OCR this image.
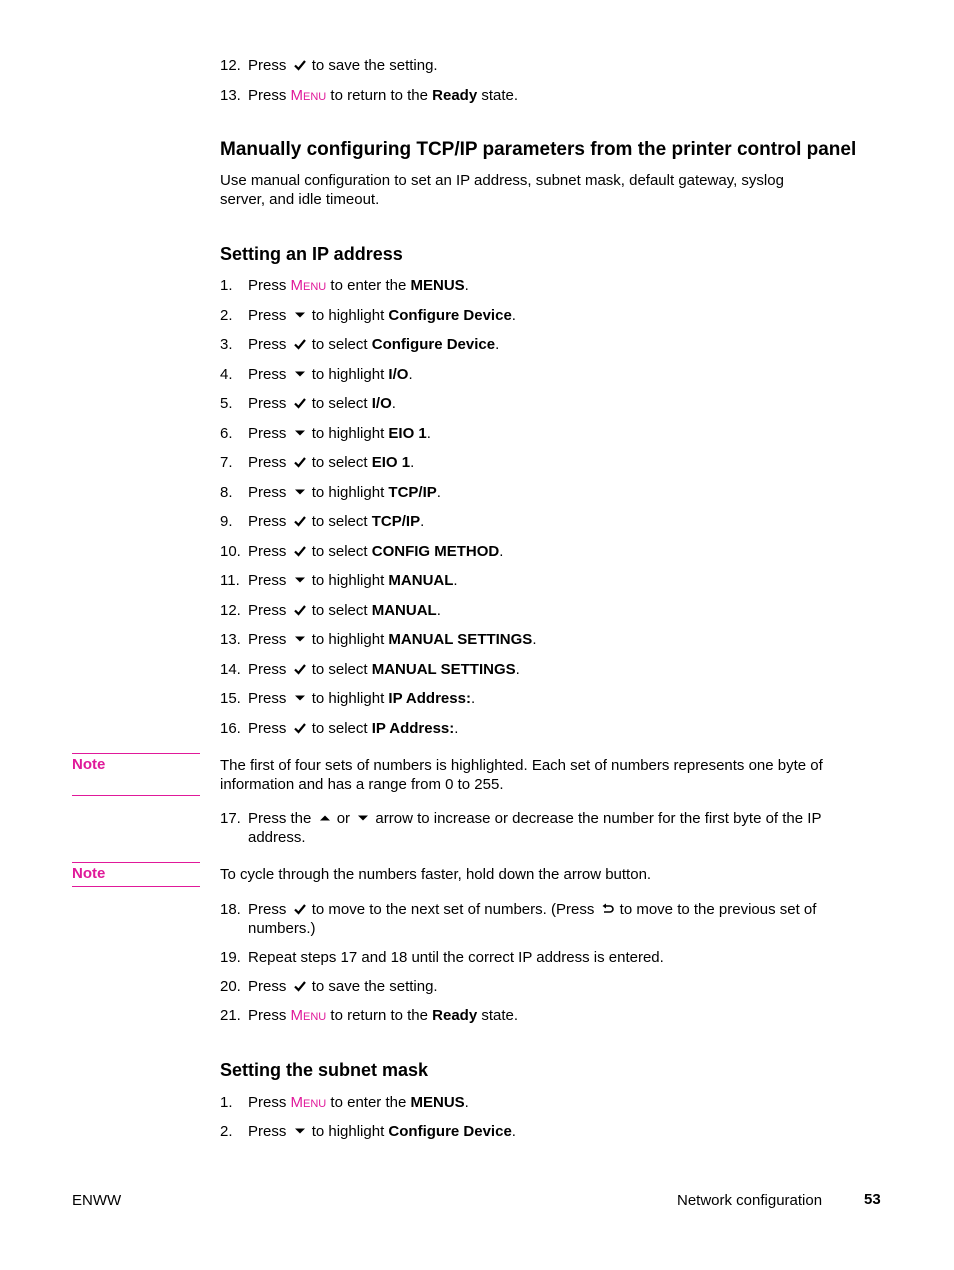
12. Press to save the setting.
13. Press MENU to return to the Ready state.
Manually configuring TCP/IP parameters from the printer control panel
Use manual configuration to set an IP address, subnet mask, default gateway, syslog
server, and idle timeout.
Setting an IP address
1. Press MENU to enter the MENUS.
2. Press to highlight Configure Device.
3. Press to select Configure Device.
4. Press to highlight I/O.
5. Press to select I/O.
6. Press to highlight EIO 1.
7. Press to select EIO 1.
8. Press to highlight TCP/IP.
9. Press to select TCP/IP.
10. Press to select CONFIG METHOD.
11. Press to highlight MANUAL.
12. Press to select MANUAL.
13. Press to highlight MANUAL SETTINGS.
14. Press to select MANUAL SETTINGS.
15. Press to highlight IP Address:.
16. Press to select IP Address:.
Note	The first of four sets of numbers is highlighted. Each set of numbers represents one byte of
information and has a range from 0 to 255.
17. Press the or arrow to increase or decrease the number for the first byte of the IP
address.
Note	To cycle through the numbers faster, hold down the arrow button.
18. Press to move to the next set of numbers. (Press to move to the previous set of
numbers.)
19. Repeat steps 17 and 18 until the correct IP address is entered.
20. Press to save the setting.
21. Press MENU to return to the Ready state.
Setting the subnet mask
1. Press MENU to enter the MENUS.
2. Press to highlight Configure Device.
ENWW	Network configuration	53
